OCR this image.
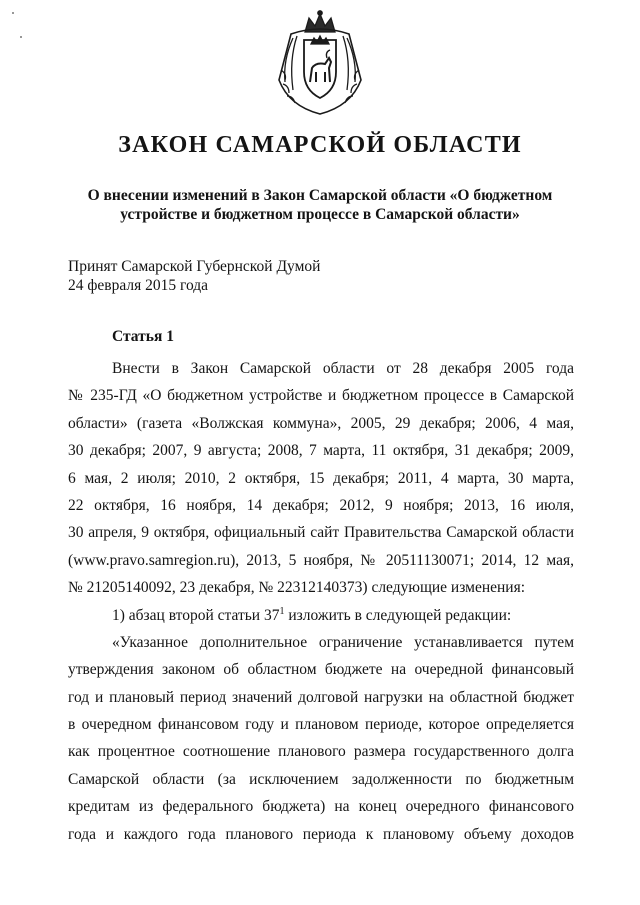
ЗАКОН САМАРСКОЙ ОБЛАСТИ
О внесении изменений в Закон Самарской области «О бюджетном
устройстве и бюджетном процессе в Самарской области»
Принят Самарской Губернской Думой
24 февраля 2015 года
Статья 1
Внести в Закон Самарской области от 28 декабря 2005 года
№ 235-ГД «О бюджетном устройстве и бюджетном процессе в Самарской
области» (газета «Волжская коммуна», 2005, 29 декабря; 2006, 4 мая,
30 декабря; 2007, 9 августа; 2008, 7 марта, 11 октября, 31 декабря; 2009,
6 мая, 2 июля; 2010, 2 октября, 15 декабря; 2011, 4 марта, 30 марта,
22 октября, 16 ноября, 14 декабря; 2012, 9 ноября; 2013, 16 июля,
30 апреля, 9 октября, официальный сайт Правительства Самарской области
(www.pravo.samregion.ru), 2013, 5 ноября, № 20511130071; 2014, 12 мая,
№ 21205140092, 23 декабря, № 22312140373) следующие изменения:
1) абзац второй статьи $37^1$ изложить в следующей редакции:
«Указанное дополнительное ограничение устанавливается путем
утверждения законом об областном бюджете на очередной финансовый
год и плановый период значений долговой нагрузки на областной бюджет
в очередном финансовом году и плановом периоде, которое определяется
как процентное соотношение планового размера государственного долга
Самарской области (за исключением задолженности по бюджетным
кредитам из федерального бюджета) на конец очередного финансового
года и каждого года планового периода к плановому объему доходов
